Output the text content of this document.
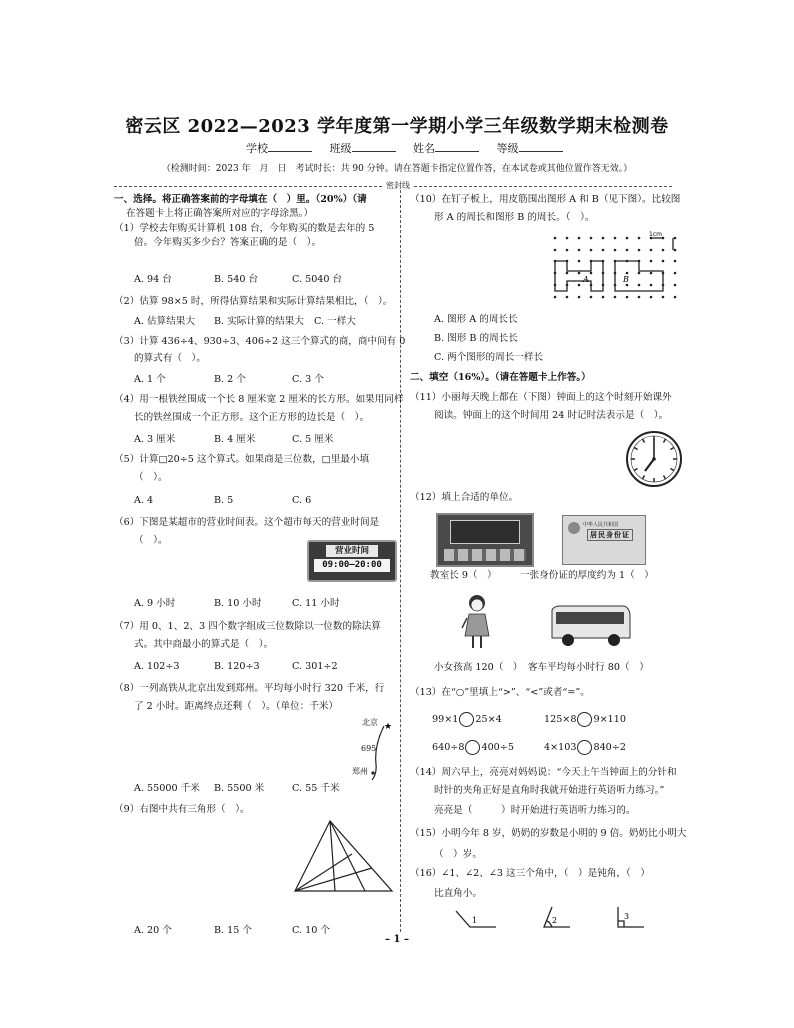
密云区 2022—2023 学年度第一学期小学三年级数学期末检测卷
学校	班级	姓名	等级
（检测时间：2023 年　月　日　考试时长：共 90 分钟。请在答题卡指定位置作答，在本试卷或其他位置作答无效。）
密封线

一、选择。将正确答案前的字母填在（　）里。（20%）（请

在答题卡上将正确答案所对应的字母涂黑。）

（1）学校去年购买计算机 108 台，今年购买的数是去年的 5

倍。今年购买多少台？答案正确的是（　）。

A. 94 台	B. 540 台	C. 5040 台
（2）估算 98×5 时，所得估算结果和实际计算结果相比，（　）。
A. 估算结果大	B. 实际计算的结果大	C. 一样大
（3）计算 436÷4、930÷3、406÷2 这三个算式的商，商中间有 0
的算式有（　）。
A. 1 个	B. 2 个	C. 3 个
（4）用一根铁丝围成一个长 8 厘米宽 2 厘米的长方形。如果用同样
长的铁丝围成一个正方形。这个正方形的边长是（　）。
A. 3 厘米	B. 4 厘米	C. 5 厘米
（5）计算□20÷5 这个算式。如果商是三位数，□里最小填
（　）。
A. 4	B. 5	C. 6
（6）下图是某超市的营业时间表。这个超市每天的营业时间是
（　）。
营业时间
09:00–20:00
A. 9 小时	B. 10 小时	C. 11 小时
（7）用 0、1、2、3 四个数字组成三位数除以一位数的除法算
式。其中商最小的算式是（　）。
A. 102÷3	B. 120÷3	C. 301÷2
（8）一列高铁从北京出发到郑州。平均每小时行 320 千米，行
了 2 小时。距离终点还剩（　）。（单位：千米）
★
北京
695
郑州
A. 55000 千米	B. 5500 米	C. 55 千米
（9）右图中共有三角形（　）。
A. 20 个	B. 15 个	C. 10 个
（10）在钉子板上，用皮筋围出图形 A 和 B（见下图）。比较图
形 A 的周长和图形 B 的周长。（　）。
1cm
A	B
A. 图形 A 的周长长
B. 图形 B 的周长长
C. 两个图形的周长一样长
二、填空（16%）。（请在答题卡上作答。）
（11）小丽每天晚上都在（下图）钟面上的这个时刻开始课外
阅读。钟面上的这个时间用 24 时记时法表示是（　）。
（12）填上合适的单位。
中华人民共和国
居民身份证
教室长 9（　） 一张身份证的厚度约为 1（　）
小女孩高 120（　） 客车平均每小时行 80（　）
（13）在“○”里填上“>”、“<”或者“=”。
99×1 25×4	125×8 9×110
640÷8 400÷5	4×103 840÷2
（14）周六早上，亮亮对妈妈说：“今天上午当钟面上的分针和
时针的夹角正好是直角时我就开始进行英语听力练习。”
亮亮是（　　　）时开始进行英语听力练习的。
（15）小明今年 8 岁，奶奶的岁数是小明的 9 倍。奶奶比小明大
（　）岁。
（16）∠1、∠2、∠3 这三个角中，（　）是钝角，（　）
比直角小。
1	2	3
– 1 –
